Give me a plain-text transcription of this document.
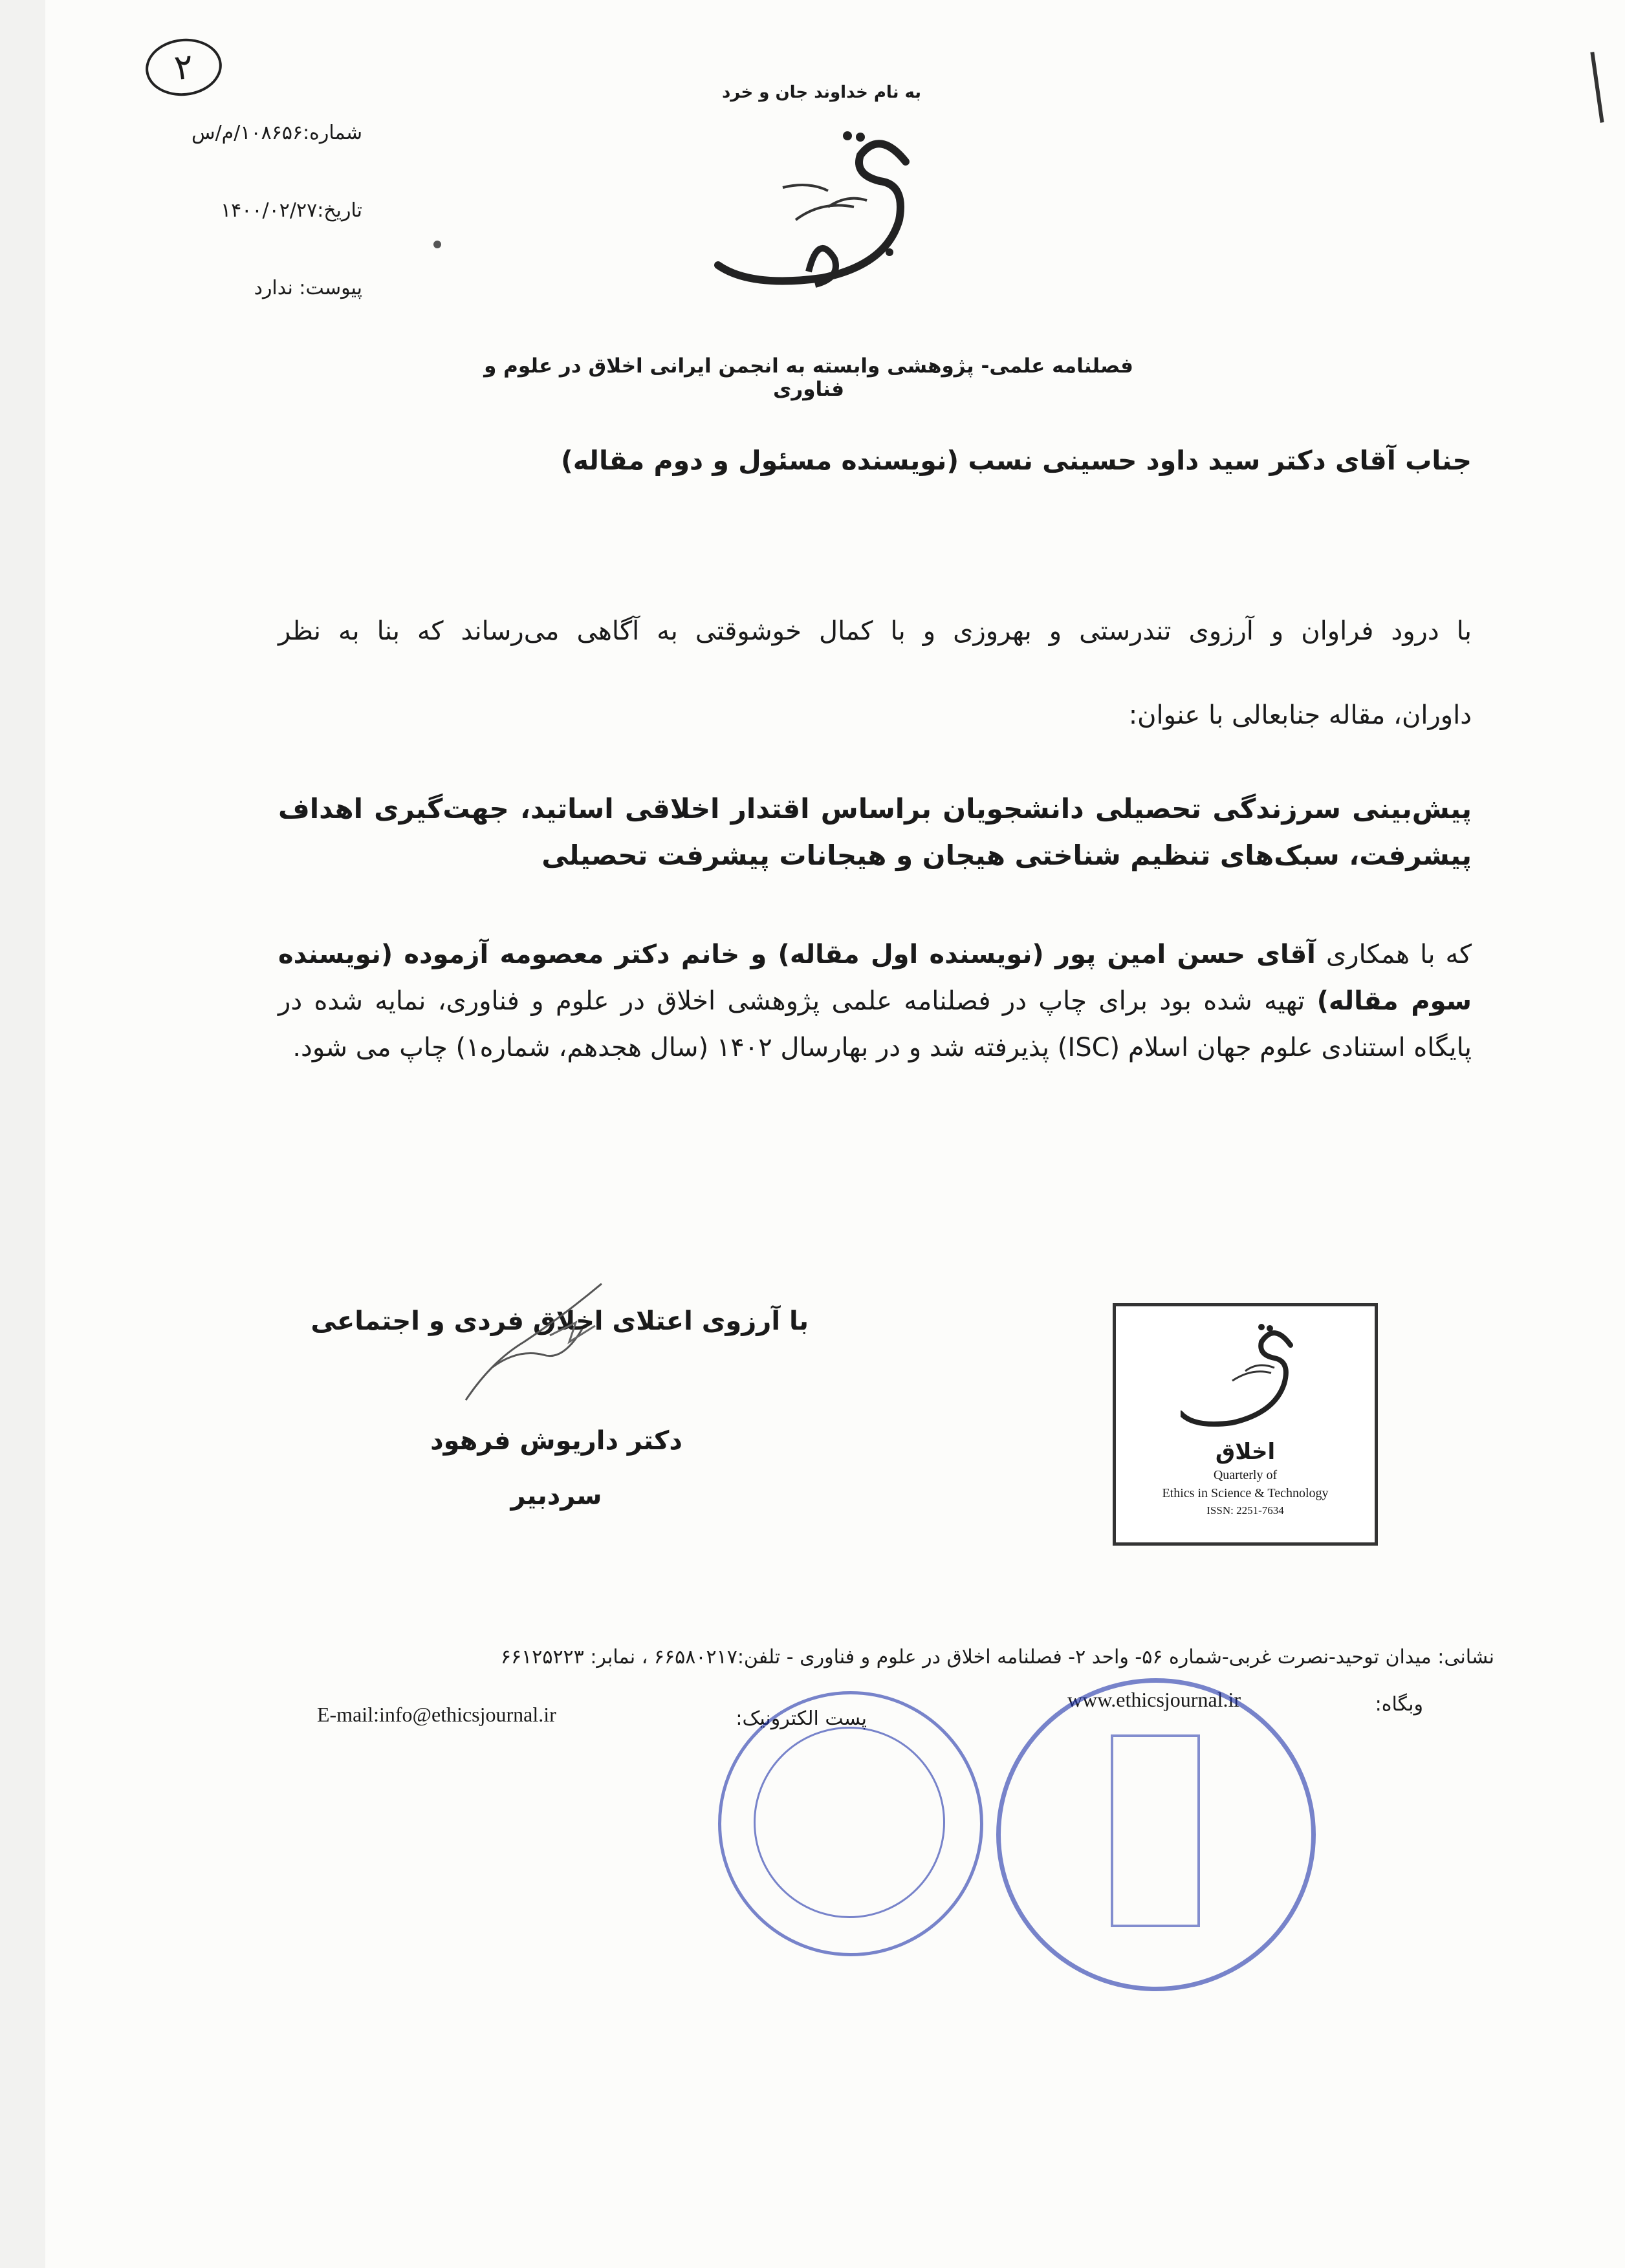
۲
به نام خداوند جان و خرد
شماره:۱۰۸۶۵۶/م/س
تاریخ:۱۴۰۰/۰۲/۲۷
پیوست: ندارد
فصلنامه علمی- پژوهشی وابسته به انجمن ایرانی اخلاق در علوم و فناوری
جناب آقای دکتر سید داود حسینی نسب (نویسنده مسئول و دوم مقاله)
با درود فراوان و آرزوی تندرستی و بهروزی و با کمال خوشوقتی به آگاهی می‌رساند که بنا به نظر
داوران، مقاله جنابعالی با عنوان:
پیش‌بینی سرزندگی تحصیلی دانشجویان براساس اقتدار اخلاقی اساتید، جهت‌گیری اهداف پیشرفت، سبک‌های تنظیم شناختی هیجان و هیجانات پیشرفت تحصیلی
که با همکاری آقای حسن امین پور (نویسنده اول مقاله) و خانم دکتر معصومه آزموده (نویسنده سوم مقاله) تهیه شده بود برای چاپ در فصلنامه علمی پژوهشی اخلاق در علوم و فناوری، نمایه شده در پایگاه استنادی علوم جهان اسلام (ISC) پذیرفته شد و در بهارسال ۱۴۰۲ (سال هجدهم، شماره۱) چاپ می شود.
با آرزوی اعتلای اخلاق فردی و اجتماعی
دکتر داریوش فرهود
سردبیر
اخلاق
Quarterly of
Ethics in Science & Technology
ISSN: 2251-7634
نشانی: میدان توحید-نصرت غربی-شماره ۵۶- واحد ۲- فصلنامه اخلاق در علوم و فناوری - تلفن:۶۶۵۸۰۲۱۷ ، نمابر: ۶۶۱۲۵۲۲۳
وبگاه:
www.ethicsjournal.ir
پست الکترونیک:
E-mail:info@ethicsjournal.ir
